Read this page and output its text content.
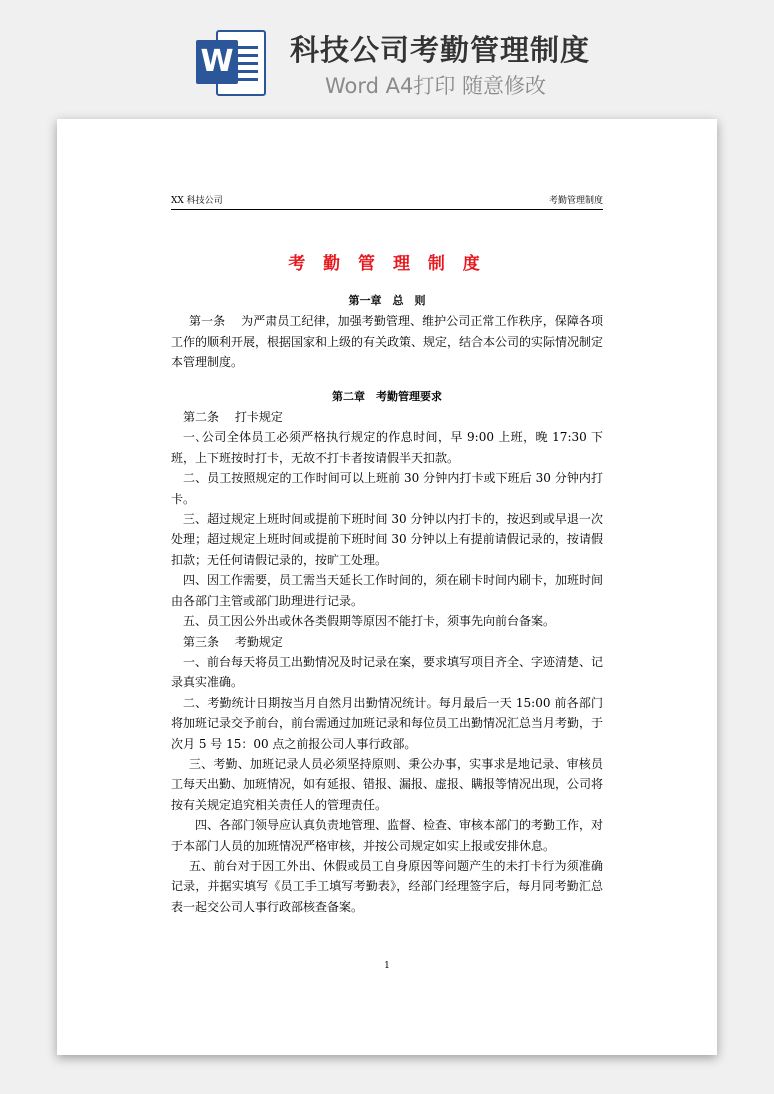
W 科技公司考勤管理制度
Word A4打印 随意修改
XX 科技公司	考勤管理制度
考 勤 管 理 制 度

第一章　总　则

第一条　 为严肃员工纪律，加强考勤管理、维护公司正常工作秩序，保障各项工作的顺利开展，根据国家和上级的有关政策、规定，结合本公司的实际情况制定本管理制度。

第二章　考勤管理要求

第二条　 打卡规定

一､公司全体员工必须严格执行规定的作息时间，早 9:00 上班，晚 17:30 下班，上下班按时打卡，无故不打卡者按请假半天扣款。

二、员工按照规定的工作时间可以上班前 30 分钟内打卡或下班后 30 分钟内打卡。

三、超过规定上班时间或提前下班时间 30 分钟以内打卡的，按迟到或早退一次处理；超过规定上班时间或提前下班时间 30 分钟以上有提前请假记录的，按请假扣款；无任何请假记录的，按旷工处理。

四、因工作需要，员工需当天延长工作时间的，须在刷卡时间内刷卡，加班时间由各部门主管或部门助理进行记录。

五、员工因公外出或休各类假期等原因不能打卡，须事先向前台备案。

第三条　 考勤规定

一、前台每天将员工出勤情况及时记录在案，要求填写项目齐全、字迹清楚、记录真实准确。

二、考勤统计日期按当月自然月出勤情况统计。每月最后一天 15:00 前各部门将加班记录交予前台，前台需通过加班记录和每位员工出勤情况汇总当月考勤，于次月 5 号 15：00 点之前报公司人事行政部。

三、考勤、加班记录人员必须坚持原则、秉公办事，实事求是地记录、审核员工每天出勤、加班情况，如有延报、错报、漏报、虚报、瞒报等情况出现，公司将按有关规定追究相关责任人的管理责任。

四、各部门领导应认真负责地管理、监督、检查、审核本部门的考勤工作，对于本部门人员的加班情况严格审核，并按公司规定如实上报或安排休息。

五、前台对于因工外出、休假或员工自身原因等问题产生的未打卡行为须准确记录，并据实填写《员工手工填写考勤表》，经部门经理签字后，每月同考勤汇总表一起交公司人事行政部核查备案。

1
